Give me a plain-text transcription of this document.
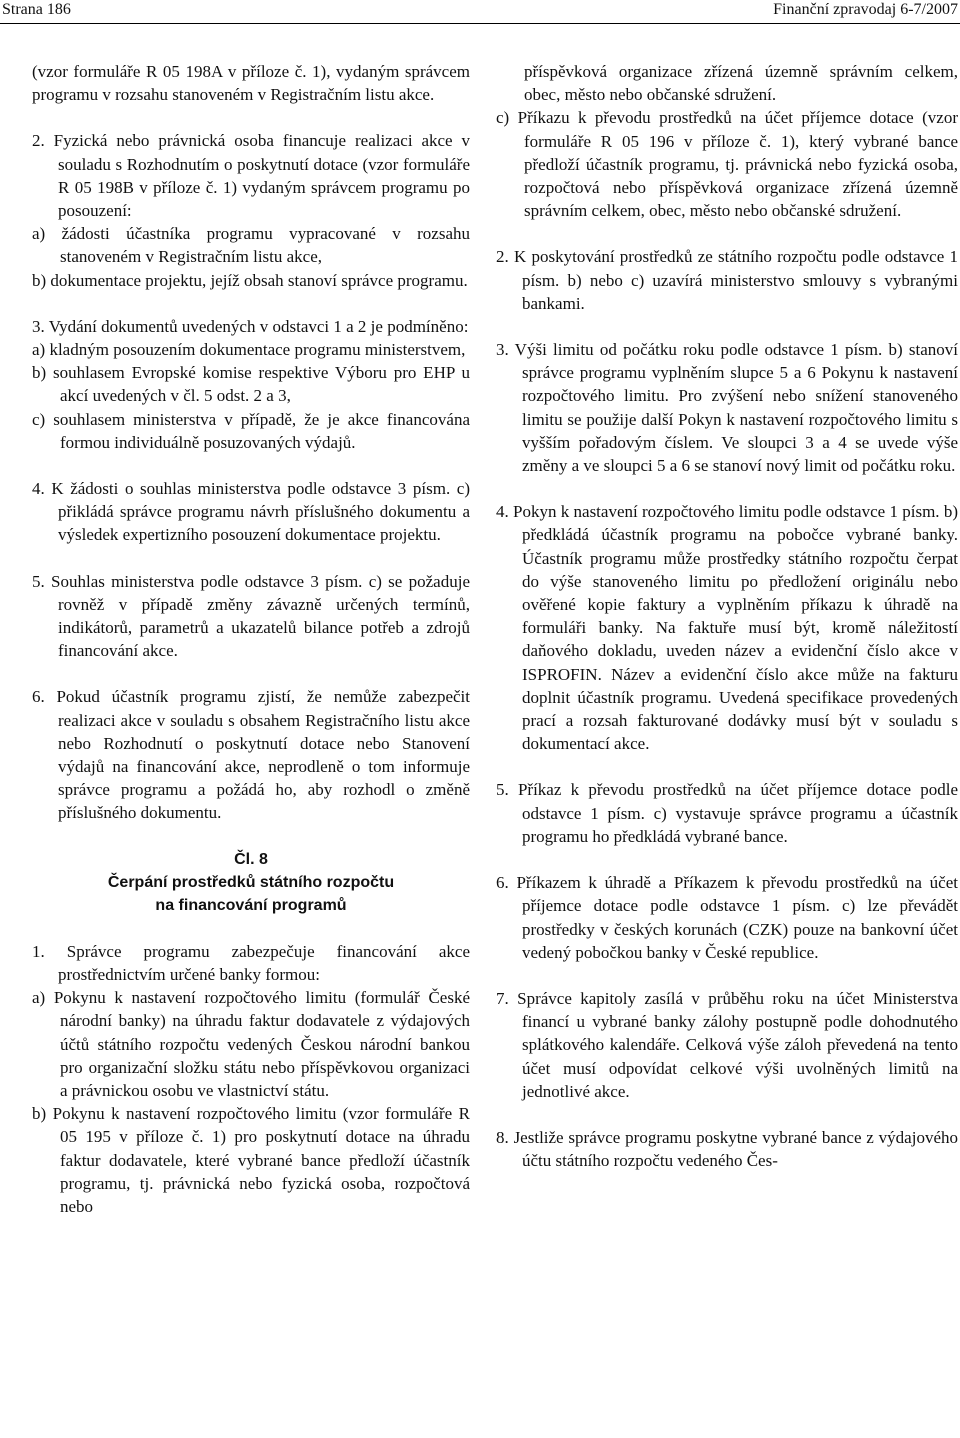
Strana 186	Finanční zpravodaj 6-7/2007

(vzor formuláře R 05 198A v příloze č. 1), vydaným správcem programu v rozsahu stanoveném v Registračním listu akce.

2. Fyzická nebo právnická osoba financuje realizaci akce v souladu s Rozhodnutím o poskytnutí dotace (vzor formuláře R 05 198B v příloze č. 1) vydaným správcem programu po posouzení:

a) žádosti účastníka programu vypracované v rozsahu stanoveném v Registračním listu akce,

b) dokumentace projektu, jejíž obsah stanoví správce programu.

3. Vydání dokumentů uvedených v odstavci 1 a 2 je podmíněno:

a) kladným posouzením dokumentace programu ministerstvem,
b) souhlasem Evropské komise respektive Výboru pro EHP u akcí uvedených v čl. 5 odst. 2 a 3,

c) souhlasem ministerstva v případě, že je akce financována formou individuálně posuzovaných výdajů.

4. K žádosti o souhlas ministerstva podle odstavce 3 písm. c) přikládá správce programu návrh příslušného dokumentu a výsledek expertizního posouzení dokumentace projektu.

5. Souhlas ministerstva podle odstavce 3 písm. c) se požaduje rovněž v případě změny závazně určených termínů, indikátorů, parametrů a ukazatelů bilance potřeb a zdrojů financování akce.

6. Pokud účastník programu zjistí, že nemůže zabezpečit realizaci akce v souladu s obsahem Registračního listu akce nebo Rozhodnutí o poskytnutí dotace nebo Stanovení výdajů na financování akce, neprodleně o tom informuje správce programu a požádá ho, aby rozhodl o změně příslušného dokumentu.

Čl. 8
Čerpání prostředků státního rozpočtu
na financování programů

1. Správce programu zabezpečuje financování akce prostřednictvím určené banky formou:

a) Pokynu k nastavení rozpočtového limitu (formulář České národní banky) na úhradu faktur dodavatele z výdajových účtů státního rozpočtu vedených Českou národní bankou pro organizační složku státu nebo příspěvkovou organizaci a právnickou osobu ve vlastnictví státu.
b) Pokynu k nastavení rozpočtového limitu (vzor formuláře R 05 195 v příloze č. 1) pro poskytnutí dotace na úhradu faktur dodavatele, které vybrané bance předloží účastník programu, tj. právnická nebo fyzická osoba, rozpočtová nebo
příspěvková organizace zřízená územně správním celkem, obec, město nebo občanské sdružení.

c) Příkazu k převodu prostředků na účet příjemce dotace (vzor formuláře R 05 196 v příloze č. 1), který vybrané bance předloží účastník programu, tj. právnická nebo fyzická osoba, rozpočtová nebo příspěvková organizace zřízená územně správním celkem, obec, město nebo občanské sdružení.

2. K poskytování prostředků ze státního rozpočtu podle odstavce 1 písm. b) nebo c) uzavírá ministerstvo smlouvy s vybranými bankami.

3. Výši limitu od počátku roku podle odstavce 1 písm. b) stanoví správce programu vyplněním slupce 5 a 6 Pokynu k nastavení rozpočtového limitu. Pro zvýšení nebo snížení stanoveného limitu se použije další Pokyn k nastavení rozpočtového limitu s vyšším pořadovým číslem. Ve sloupci 3 a 4 se uvede výše změny a ve sloupci 5 a 6 se stanoví nový limit od počátku roku.

4. Pokyn k nastavení rozpočtového limitu podle odstavce 1 písm. b) předkládá účastník programu na pobočce vybrané banky. Účastník programu může prostředky státního rozpočtu čerpat do výše stanoveného limitu po předložení originálu nebo ověřené kopie faktury a vyplněním příkazu k úhradě na formuláři banky. Na faktuře musí být, kromě náležitostí daňového dokladu, uveden název a evidenční číslo akce v ISPROFIN. Název a evidenční číslo akce může na fakturu doplnit účastník programu. Uvedená specifikace provedených prací a rozsah fakturované dodávky musí být v souladu s dokumentací akce.

5. Příkaz k převodu prostředků na účet příjemce dotace podle odstavce 1 písm. c) vystavuje správce programu a účastník programu ho předkládá vybrané bance.

6. Příkazem k úhradě a Příkazem k převodu prostředků na účet příjemce dotace podle odstavce 1 písm. c) lze převádět prostředky v českých korunách (CZK) pouze na bankovní účet vedený pobočkou banky v České republice.

7. Správce kapitoly zasílá v průběhu roku na účet Ministerstva financí u vybrané banky zálohy postupně podle dohodnutého splátkového kalendáře. Celková výše záloh převedená na tento účet musí odpovídat celkové výši uvolněných limitů na jednotlivé akce.

8. Jestliže správce programu poskytne vybrané bance z výdajového účtu státního rozpočtu vedeného Čes-
